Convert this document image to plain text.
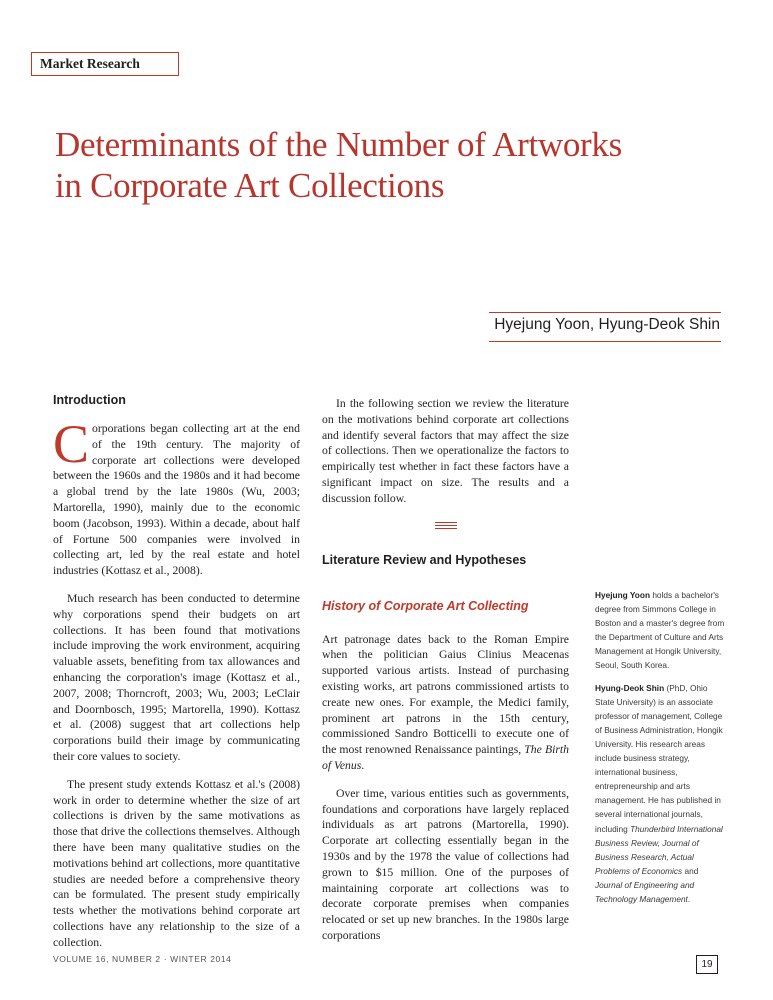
Market Research
Determinants of the Number of Artworks
in Corporate Art Collections
Hyejung Yoon, Hyung-Deok Shin
Introduction

Corporations began collecting art at the end of the 19th century. The majority of corporate art collections were developed between the 1960s and the 1980s and it had become a global trend by the late 1980s (Wu, 2003; Martorella, 1990), mainly due to the economic boom (Jacobson, 1993). Within a decade, about half of Fortune 500 companies were involved in collecting art, led by the real estate and hotel industries (Kottasz et al., 2008).

Much research has been conducted to determine why corporations spend their budgets on art collections. It has been found that motivations include improving the work environment, acquiring valuable assets, benefiting from tax allowances and enhancing the corporation's image (Kottasz et al., 2007, 2008; Thorncroft, 2003; Wu, 2003; LeClair and Doornbosch, 1995; Martorella, 1990). Kottasz et al. (2008) suggest that art collections help corporations build their image by communicating their core values to society.

The present study extends Kottasz et al.'s (2008) work in order to determine whether the size of art collections is driven by the same motivations as those that drive the collections themselves. Although there have been many qualitative studies on the motivations behind art collections, more quantitative studies are needed before a comprehensive theory can be formulated. The present study empirically tests whether the motivations behind corporate art collections have any relationship to the size of a collection.

In the following section we review the literature on the motivations behind corporate art collections and identify several factors that may affect the size of collections. Then we operationalize the factors to empirically test whether in fact these factors have a significant impact on size. The results and a discussion follow.

Literature Review and Hypotheses
History of Corporate Art Collecting

Art patronage dates back to the Roman Empire when the politician Gaius Clinius Meacenas supported various artists. Instead of purchasing existing works, art patrons commissioned artists to create new ones. For example, the Medici family, prominent art patrons in the 15th century, commissioned Sandro Botticelli to execute one of the most renowned Renaissance paintings, The Birth of Venus.

Over time, various entities such as governments, foundations and corporations have largely replaced individuals as art patrons (Martorella, 1990). Corporate art collecting essentially began in the 1930s and by the 1978 the value of collections had grown to $15 million. One of the purposes of maintaining corporate art collections was to decorate corporate premises when companies relocated or set up new branches. In the 1980s large corporations

Hyejung Yoon holds a bachelor's degree from Simmons College in Boston and a master's degree from the Department of Culture and Arts Management at Hongik University, Seoul, South Korea.

Hyung-Deok Shin (PhD, Ohio State University) is an associate professor of management, College of Business Administration, Hongik University. His research areas include business strategy, international business, entrepreneurship and arts management. He has published in several international journals, including Thunderbird International Business Review, Journal of Business Research, Actual Problems of Economics and Journal of Engineering and Technology Management.

VOLUME 16, NUMBER 2 · WINTER 2014	19
